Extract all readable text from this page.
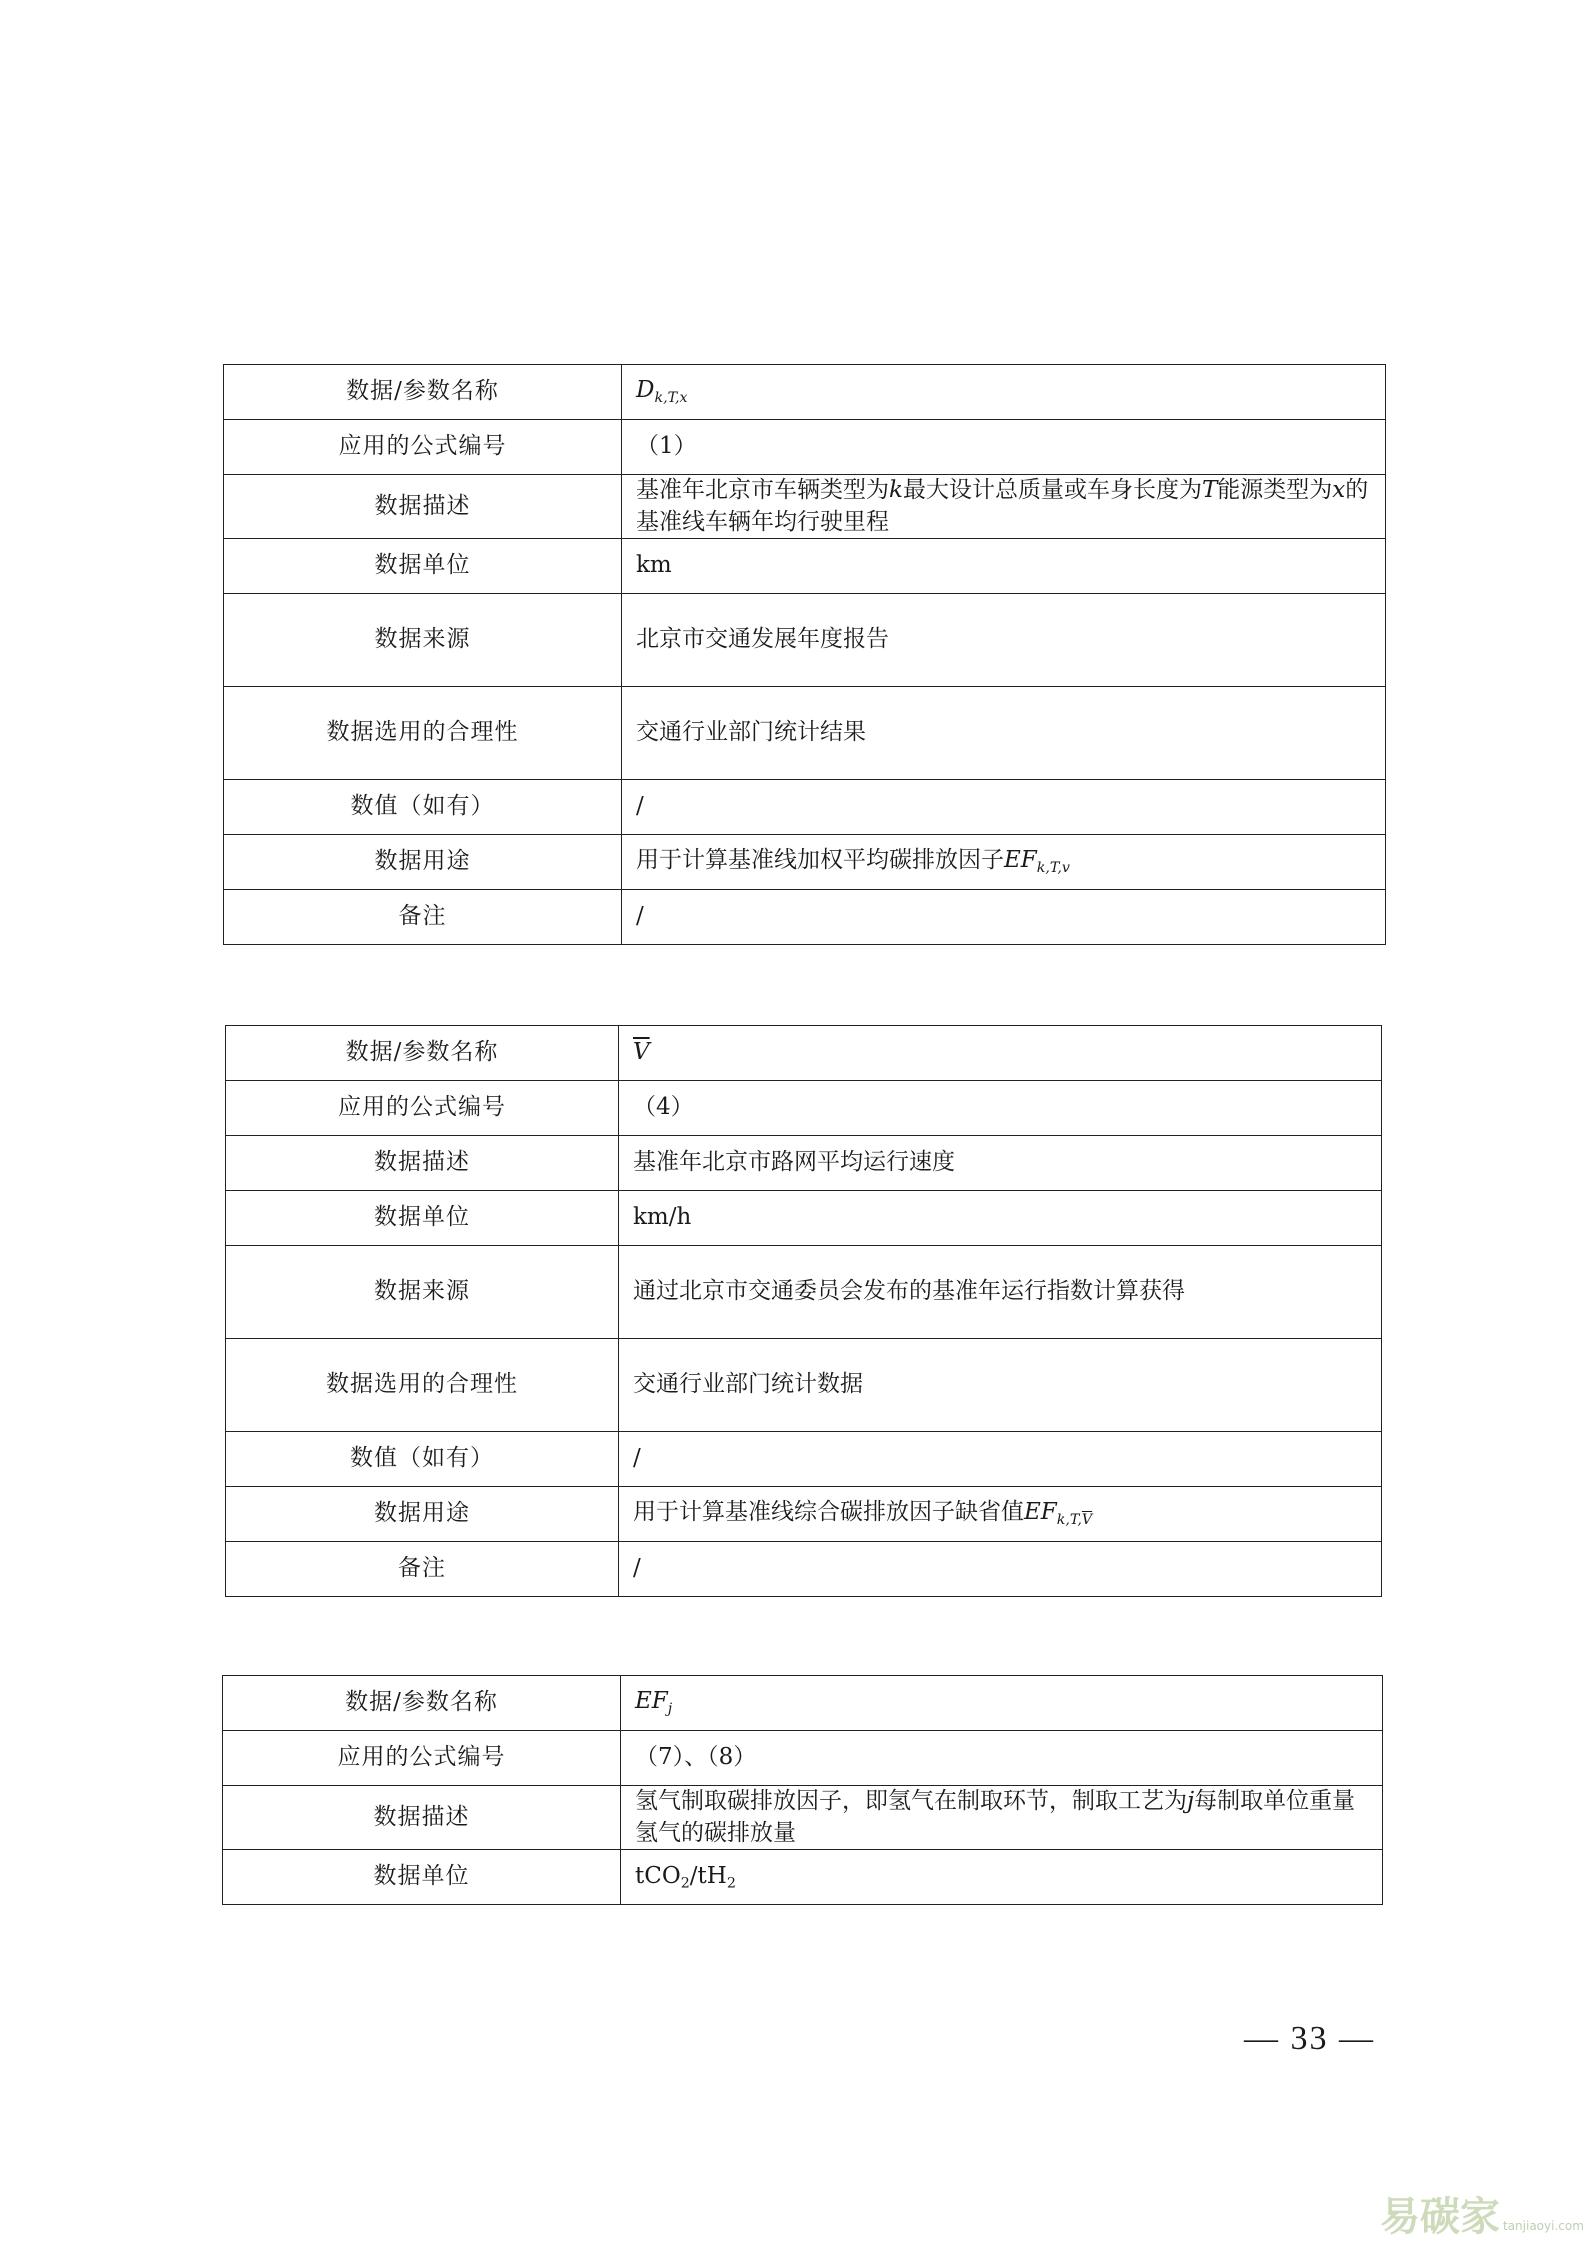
数据/参数名称	$D_{k,T,x}$
应用的公式编号	（1）
数据描述	基准年北京市车辆类型为k最大设计总质量或车身长度为T能源类型为x的基准线车辆年均行驶里程
数据单位	km
数据来源	北京市交通发展年度报告
数据选用的合理性	交通行业部门统计结果
数值（如有）	/
数据用途	用于计算基准线加权平均碳排放因子$EF_{k,T,v}$
备注	/
数据/参数名称	$\overline{V}$
应用的公式编号	（4）
数据描述	基准年北京市路网平均运行速度
数据单位	km/h
数据来源	通过北京市交通委员会发布的基准年运行指数计算获得
数据选用的合理性	交通行业部门统计数据
数值（如有）	/
数据用途	用于计算基准线综合碳排放因子缺省值$EF_{k,T,\overline{V}}$
备注	/
数据/参数名称	$EF_j$
应用的公式编号	（7）、（8）
数据描述	氢气制取碳排放因子，即氢气在制取环节，制取工艺为j每制取单位重量氢气的碳排放量
数据单位	$tCO_2/tH_2$
— 33 —
易碳家 tanjiaoyi.com
